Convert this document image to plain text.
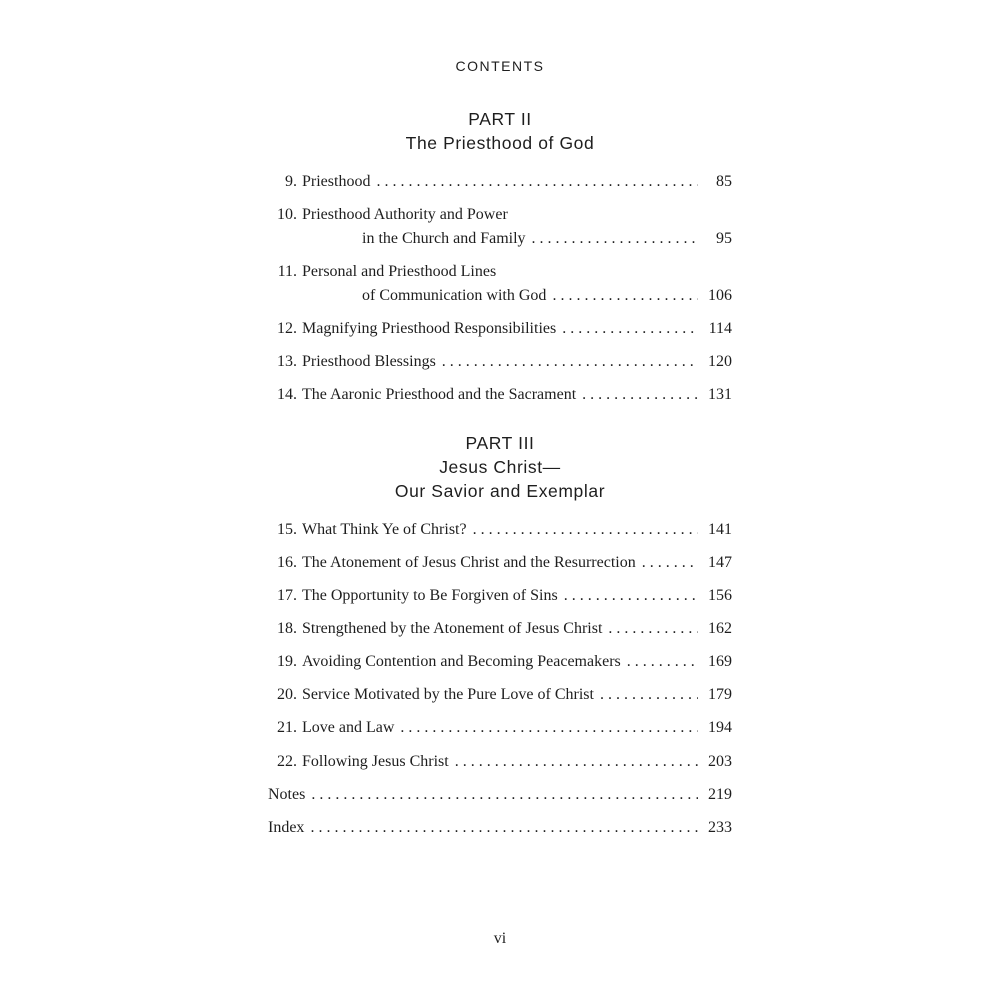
CONTENTS
PART II
The Priesthood of God
9. Priesthood . . .	85
10. Priesthood Authority and Power
in the Church and Family . . .	95
11. Personal and Priesthood Lines
of Communication with God . . .	106
12. Magnifying Priesthood Responsibilities . . .	114
13. Priesthood Blessings . . .	120
14. The Aaronic Priesthood and the Sacrament . . .	131
PART III
Jesus Christ—
Our Savior and Exemplar
15. What Think Ye of Christ? . . .	141
16. The Atonement of Jesus Christ and the Resurrection . . .	147
17. The Opportunity to Be Forgiven of Sins . . .	156
18. Strengthened by the Atonement of Jesus Christ . . .	162
19. Avoiding Contention and Becoming Peacemakers . . .	169
20. Service Motivated by the Pure Love of Christ . . .	179
21. Love and Law . . .	194
22. Following Jesus Christ . . .	203
Notes . . .	219
Index . . .	233
vi
